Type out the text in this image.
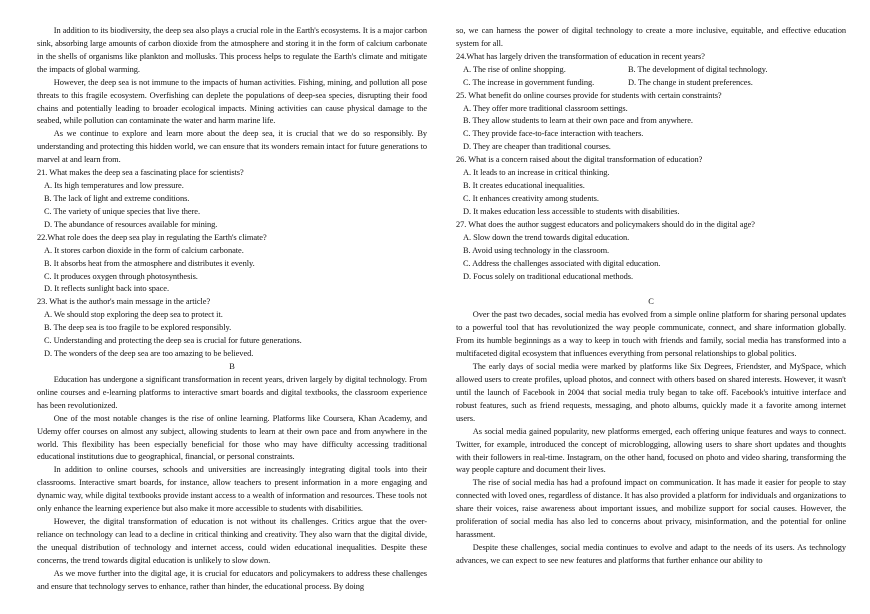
In addition to its biodiversity, the deep sea also plays a crucial role in the Earth's ecosystems. It is a major carbon sink, absorbing large amounts of carbon dioxide from the atmosphere and storing it in the form of calcium carbonate in the shells of organisms like plankton and mollusks. This process helps to regulate the Earth's climate and mitigate the impacts of global warming.

However, the deep sea is not immune to the impacts of human activities. Fishing, mining, and pollution all pose threats to this fragile ecosystem. Overfishing can deplete the populations of deep-sea species, disrupting their food chains and potentially leading to broader ecological impacts. Mining activities can cause physical damage to the seabed, while pollution can contaminate the water and harm marine life.

As we continue to explore and learn more about the deep sea, it is crucial that we do so responsibly. By understanding and protecting this hidden world, we can ensure that its wonders remain intact for future generations to marvel at and learn from.

21. What makes the deep sea a fascinating place for scientists?

A. Its high temperatures and low pressure.

B. The lack of light and extreme conditions.

C. The variety of unique species that live there.

D. The abundance of resources available for mining.

22.What role does the deep sea play in regulating the Earth's climate?

A. It stores carbon dioxide in the form of calcium carbonate.

B. It absorbs heat from the atmosphere and distributes it evenly.

C. It produces oxygen through photosynthesis.

D. It reflects sunlight back into space.

23. What is the author's main message in the article?

A. We should stop exploring the deep sea to protect it.

B. The deep sea is too fragile to be explored responsibly.

C. Understanding and protecting the deep sea is crucial for future generations.

D. The wonders of the deep sea are too amazing to be believed.

B

Education has undergone a significant transformation in recent years, driven largely by digital technology. From online courses and e-learning platforms to interactive smart boards and digital textbooks, the classroom experience has been revolutionized.

One of the most notable changes is the rise of online learning. Platforms like Coursera, Khan Academy, and Udemy offer courses on almost any subject, allowing students to learn at their own pace and from anywhere in the world. This flexibility has been especially beneficial for those who may have difficulty accessing traditional educational institutions due to geographical, financial, or personal constraints.

In addition to online courses, schools and universities are increasingly integrating digital tools into their classrooms. Interactive smart boards, for instance, allow teachers to present information in a more engaging and dynamic way, while digital textbooks provide instant access to a wealth of information and resources. These tools not only enhance the learning experience but also make it more accessible to students with disabilities.

However, the digital transformation of education is not without its challenges. Critics argue that the over-reliance on technology can lead to a decline in critical thinking and creativity. They also warn that the digital divide, the unequal distribution of technology and internet access, could widen educational inequalities. Despite these concerns, the trend towards digital education is unlikely to slow down.

As we move further into the digital age, it is crucial for educators and policymakers to address these challenges and ensure that technology serves to enhance, rather than hinder, the educational process. By doing

so, we can harness the power of digital technology to create a more inclusive, equitable, and effective education system for all.

24.What has largely driven the transformation of education in recent years?

A. The rise of online shopping.	B. The development of digital technology.
C. The increase in government funding.	D. The change in student preferences.

25. What benefit do online courses provide for students with certain constraints?

A. They offer more traditional classroom settings.

B. They allow students to learn at their own pace and from anywhere.

C. They provide face-to-face interaction with teachers.

D. They are cheaper than traditional courses.

26. What is a concern raised about the digital transformation of education?

A. It leads to an increase in critical thinking.

B. It creates educational inequalities.

C. It enhances creativity among students.

D. It makes education less accessible to students with disabilities.

27. What does the author suggest educators and policymakers should do in the digital age?

A. Slow down the trend towards digital education.

B. Avoid using technology in the classroom.

C. Address the challenges associated with digital education.

D. Focus solely on traditional educational methods.

C

Over the past two decades, social media has evolved from a simple online platform for sharing personal updates to a powerful tool that has revolutionized the way people communicate, connect, and share information globally. From its humble beginnings as a way to keep in touch with friends and family, social media has transformed into a multifaceted digital ecosystem that influences everything from personal relationships to global politics.

The early days of social media were marked by platforms like Six Degrees, Friendster, and MySpace, which allowed users to create profiles, upload photos, and connect with others based on shared interests. However, it wasn't until the launch of Facebook in 2004 that social media truly began to take off. Facebook's intuitive interface and robust features, such as friend requests, messaging, and photo albums, quickly made it a favorite among internet users.

As social media gained popularity, new platforms emerged, each offering unique features and ways to connect. Twitter, for example, introduced the concept of microblogging, allowing users to share short updates and thoughts with their followers in real-time. Instagram, on the other hand, focused on photo and video sharing, transforming the way people capture and document their lives.

The rise of social media has had a profound impact on communication. It has made it easier for people to stay connected with loved ones, regardless of distance. It has also provided a platform for individuals and organizations to share their voices, raise awareness about important issues, and mobilize support for social causes. However, the proliferation of social media has also led to concerns about privacy, misinformation, and the potential for online harassment.

Despite these challenges, social media continues to evolve and adapt to the needs of its users. As technology advances, we can expect to see new features and platforms that further enhance our ability to
